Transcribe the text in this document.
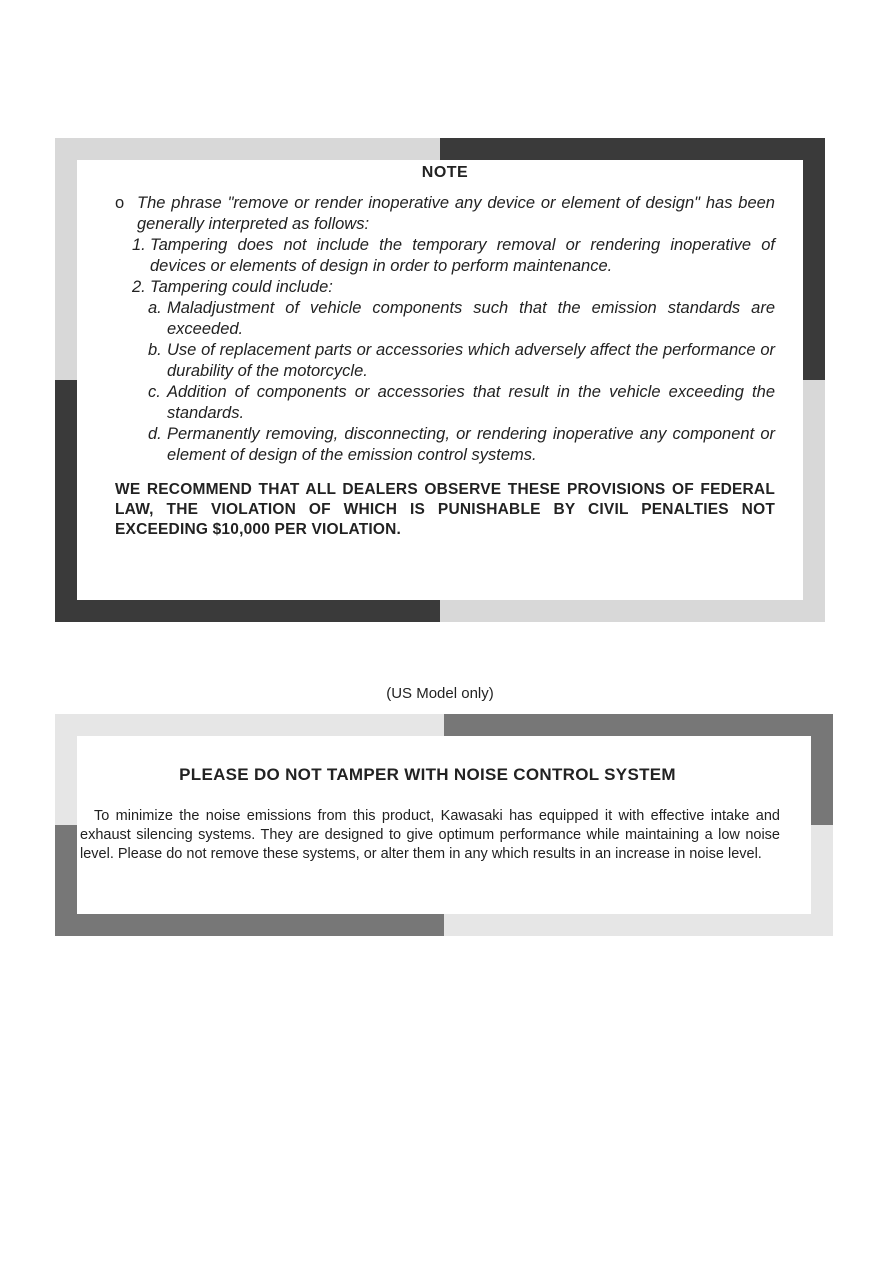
NOTE
o The phrase "remove or render inoperative any device or element of design" has been generally interpreted as follows:
1. Tampering does not include the temporary removal or rendering inoperative of devices or elements of design in order to perform maintenance.
2. Tampering could include:
a. Maladjustment of vehicle components such that the emission standards are exceeded.
b. Use of replacement parts or accessories which adversely affect the performance or durability of the motorcycle.
c. Addition of components or accessories that result in the vehicle exceeding the standards.
d. Permanently removing, disconnecting, or rendering inoperative any component or element of design of the emission control systems.
WE RECOMMEND THAT ALL DEALERS OBSERVE THESE PROVISIONS OF FEDERAL LAW, THE VIOLATION OF WHICH IS PUNISHABLE BY CIVIL PENALTIES NOT EXCEEDING $10,000 PER VIOLATION.
(US Model only)
PLEASE DO NOT TAMPER WITH NOISE CONTROL SYSTEM
To minimize the noise emissions from this product, Kawasaki has equipped it with effective intake and exhaust silencing systems. They are designed to give optimum performance while maintaining a low noise level. Please do not remove these systems, or alter them in any which results in an increase in noise level.
